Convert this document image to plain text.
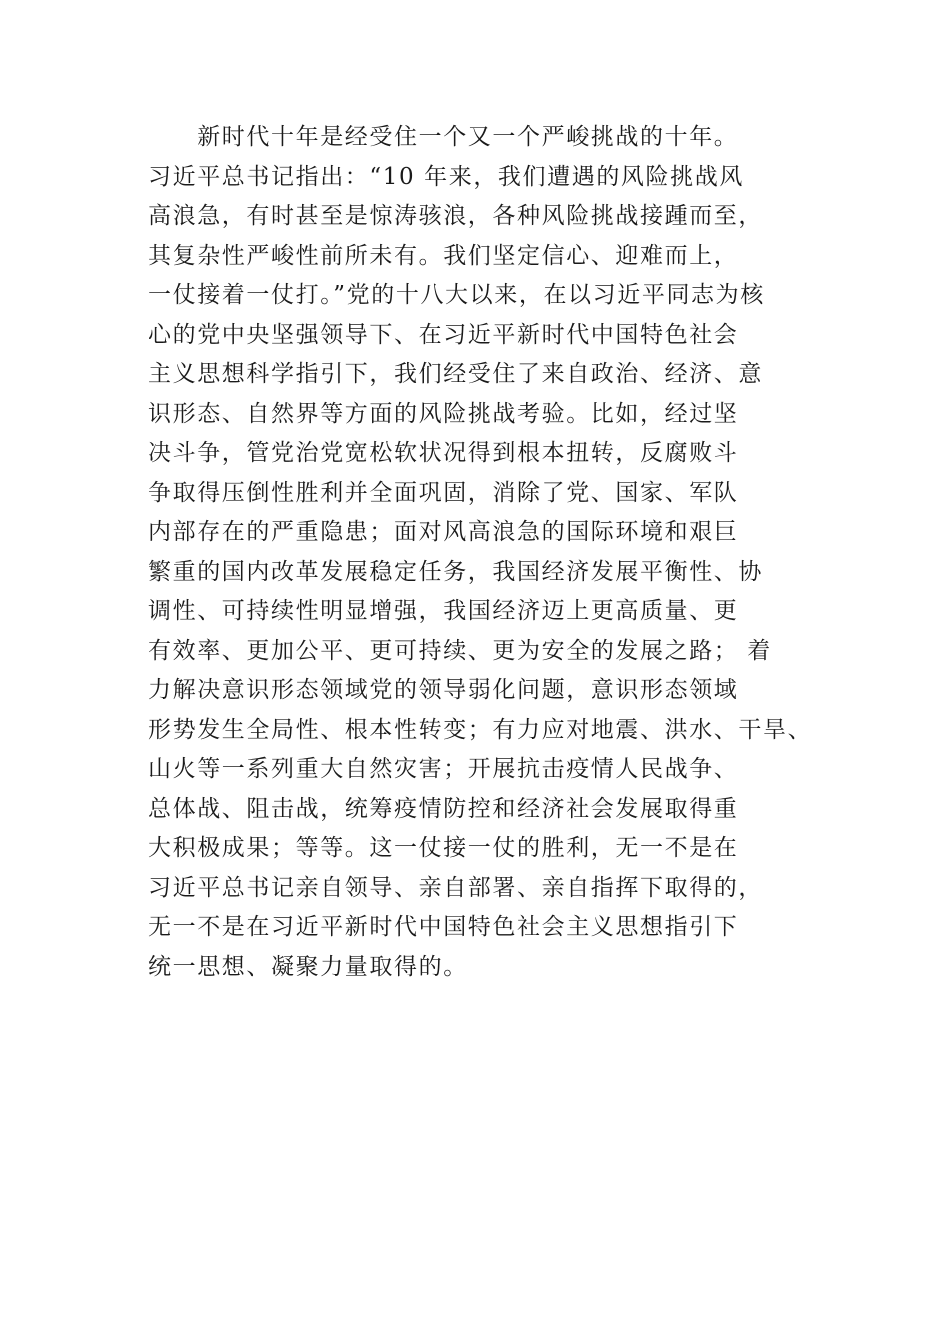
　　新时代十年是经受住一个又一个严峻挑战的十年。
习近平总书记指出：“10 年来，我们遭遇的风险挑战风
高浪急，有时甚至是惊涛骇浪，各种风险挑战接踵而至，
其复杂性严峻性前所未有。我们坚定信心、迎难而上，
一仗接着一仗打。”党的十八大以来，在以习近平同志为核
心的党中央坚强领导下、在习近平新时代中国特色社会
主义思想科学指引下，我们经受住了来自政治、经济、意
识形态、自然界等方面的风险挑战考验。比如，经过坚
决斗争，管党治党宽松软状况得到根本扭转，反腐败斗
争取得压倒性胜利并全面巩固，消除了党、国家、军队
内部存在的严重隐患；面对风高浪急的国际环境和艰巨
繁重的国内改革发展稳定任务，我国经济发展平衡性、协
调性、可持续性明显增强，我国经济迈上更高质量、更
有效率、更加公平、更可持续、更为安全的发展之路； 着
力解决意识形态领域党的领导弱化问题，意识形态领域
形势发生全局性、根本性转变；有力应对地震、洪水、干旱、
山火等一系列重大自然灾害；开展抗击疫情人民战争、
总体战、阻击战，统筹疫情防控和经济社会发展取得重
大积极成果；等等。这一仗接一仗的胜利，无一不是在
习近平总书记亲自领导、亲自部署、亲自指挥下取得的，
无一不是在习近平新时代中国特色社会主义思想指引下
统一思想、凝聚力量取得的。
